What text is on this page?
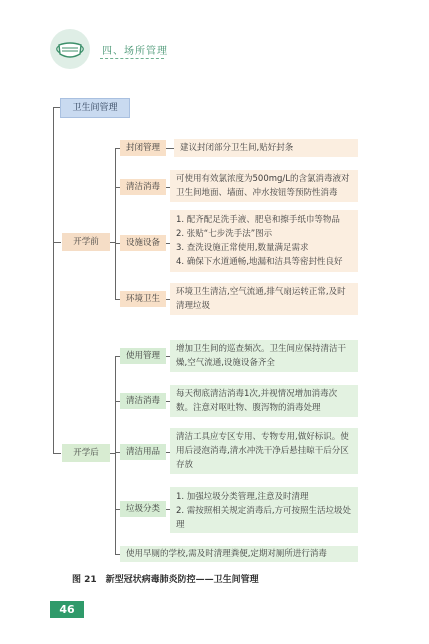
四、场所管理
卫生间管理
开学前
封闭管理	建议封闭部分卫生间,贴好封条
清洁消毒
可使用有效氯浓度为500mg/L的含氯消毒液对卫生间地面、墙面、冲水按钮等预防性消毒
设施设备
1. 配齐配足洗手液、肥皂和擦手纸巾等物品
2. 张贴“七步洗手法”图示
3. 查洗设施正常使用,数量满足需求
4. 确保下水道通畅,地漏和洁具等密封性良好
环境卫生
环境卫生清洁,空气流通,排气扇运转正常,及时清理垃圾
开学后
使用管理
增加卫生间的巡查频次。卫生间应保持清洁干燥,空气流通,设施设备齐全
清洁消毒
每天彻底清洁消毒1次,并视情况增加消毒次数。注意对呕吐物、腹泻物的消毒处理
清洁用品
清洁工具应专区专用、专物专用,做好标识。使用后浸泡消毒,清水冲洗干净后悬挂晾干后分区存放
垃圾分类
1. 加强垃圾分类管理,注意及时清理
2. 需按照相关规定消毒后,方可按照生活垃圾处理
使用早厕的学校,需及时清理粪便,定期对厕所进行消毒
图 21　新型冠状病毒肺炎防控——卫生间管理
46
